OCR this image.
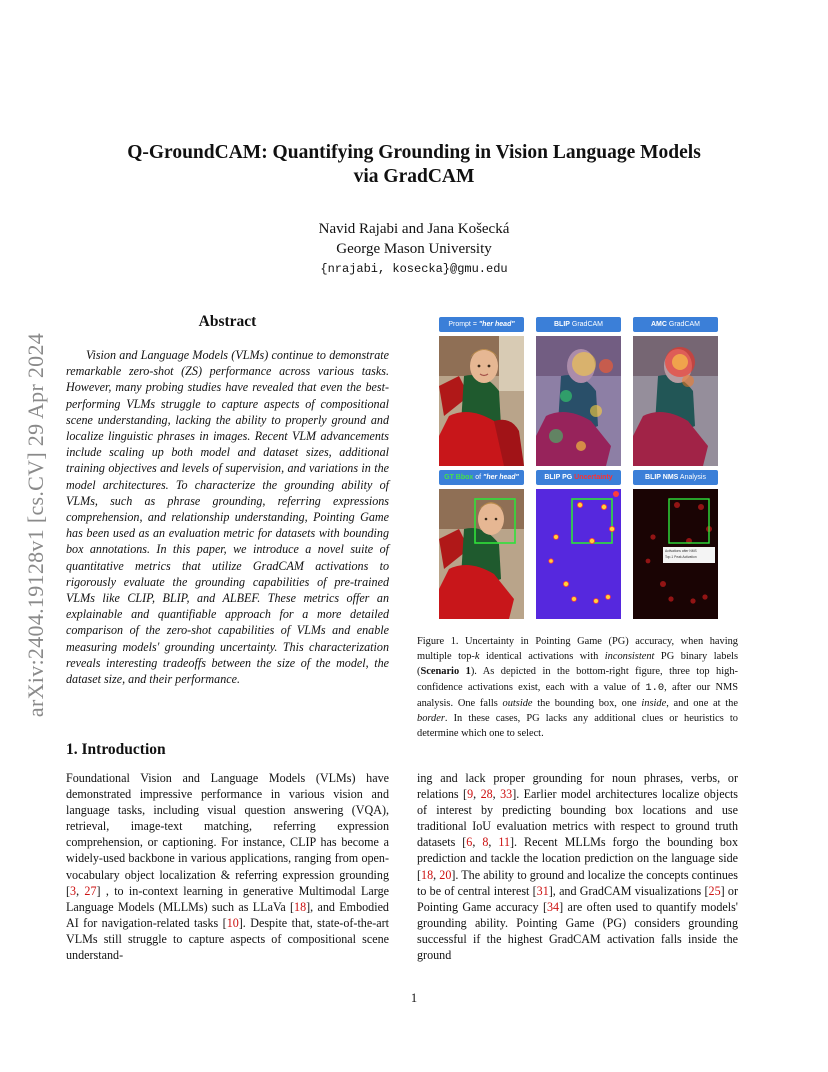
arXiv:2404.19128v1 [cs.CV] 29 Apr 2024
Q-GroundCAM: Quantifying Grounding in Vision Language Models
via GradCAM
Navid Rajabi and Jana Košecká
George Mason University
{nrajabi, kosecka}@gmu.edu
Abstract

Vision and Language Models (VLMs) continue to demonstrate remarkable zero-shot (ZS) performance across various tasks. However, many probing studies have revealed that even the best-performing VLMs struggle to capture aspects of compositional scene understanding, lacking the ability to properly ground and localize linguistic phrases in images. Recent VLM advancements include scaling up both model and dataset sizes, additional training objectives and levels of supervision, and variations in the model architectures. To characterize the grounding ability of VLMs, such as phrase grounding, referring expressions comprehension, and relationship understanding, Pointing Game has been used as an evaluation metric for datasets with bounding box annotations. In this paper, we introduce a novel suite of quantitative metrics that utilize GradCAM activations to rigorously evaluate the grounding capabilities of pre-trained VLMs like CLIP, BLIP, and ALBEF. These metrics offer an explainable and quantifiable approach for a more detailed comparison of the zero-shot capabilities of VLMs and enable measuring models' grounding uncertainty. This characterization reveals interesting tradeoffs between the size of the model, the dataset size, and their performance.

1. Introduction

Foundational Vision and Language Models (VLMs) have demonstrated impressive performance in various vision and language tasks, including visual question answering (VQA), retrieval, image-text matching, referring expression comprehension, or captioning. For instance, CLIP has become a widely-used backbone in various applications, ranging from open-vocabulary object localization & referring expression grounding [3, 27] , to in-context learning in generative Multimodal Large Language Models (MLLMs) such as LLaVa [18], and Embodied AI for navigation-related tasks [10]. Despite that, state-of-the-art VLMs still struggle to capture aspects of compositional scene understand-

ing and lack proper grounding for noun phrases, verbs, or relations [9, 28, 33]. Earlier model architectures localize objects of interest by predicting bounding box locations and use traditional IoU evaluation metrics with respect to ground truth datasets [6, 8, 11]. Recent MLLMs forgo the bounding box prediction and tackle the location prediction on the language side [18, 20]. The ability to ground and localize the concepts continues to be of central interest [31], and GradCAM visualizations [25] or Pointing Game accuracy [34] are often used to quantify models' grounding ability. Pointing Game (PG) considers grounding successful if the highest GradCAM activation falls inside the ground

Prompt = "her head"	BLIP GradCAM	AMC GradCAM
GT Bbox of "her head"	BLIP PG Uncertainty	BLIP NMS Analysis
Activations after NMS
Top-1 Peak Activation

Figure 1. Uncertainty in Pointing Game (PG) accuracy, when having multiple top-k identical activations with inconsistent PG binary labels (Scenario 1). As depicted in the bottom-right figure, three top high-confidence activations exist, each with a value of 1.0, after our NMS analysis. One falls outside the bounding box, one inside, and one at the border. In these cases, PG lacks any additional clues or heuristics to determine which one to select.

1
